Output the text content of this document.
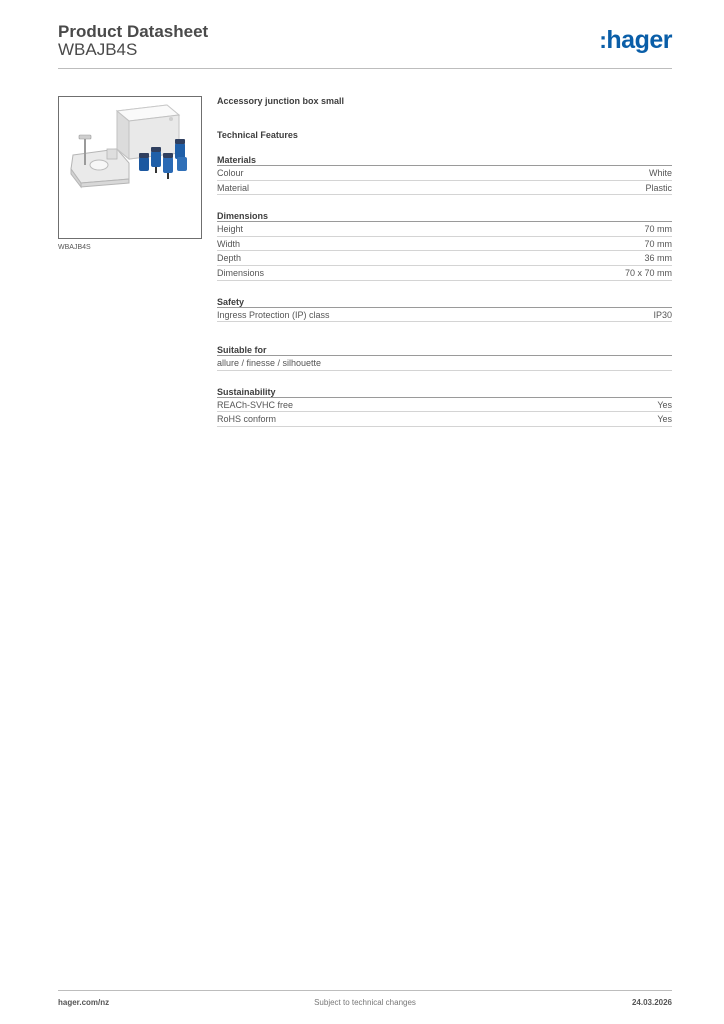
Product Datasheet
WBAJB4S	:hager
WBAJB4S
Accessory junction box small
Technical Features
Materials
Colour	White
Material	Plastic
Dimensions
Height	70 mm
Width	70 mm
Depth	36 mm
Dimensions	70 x 70 mm
Safety
Ingress Protection (IP) class	IP30
Suitable for
allure / finesse / silhouette
Sustainability
REACh-SVHC free	Yes
RoHS conform	Yes
hager.com/nz	Subject to technical changes	24.03.2026
